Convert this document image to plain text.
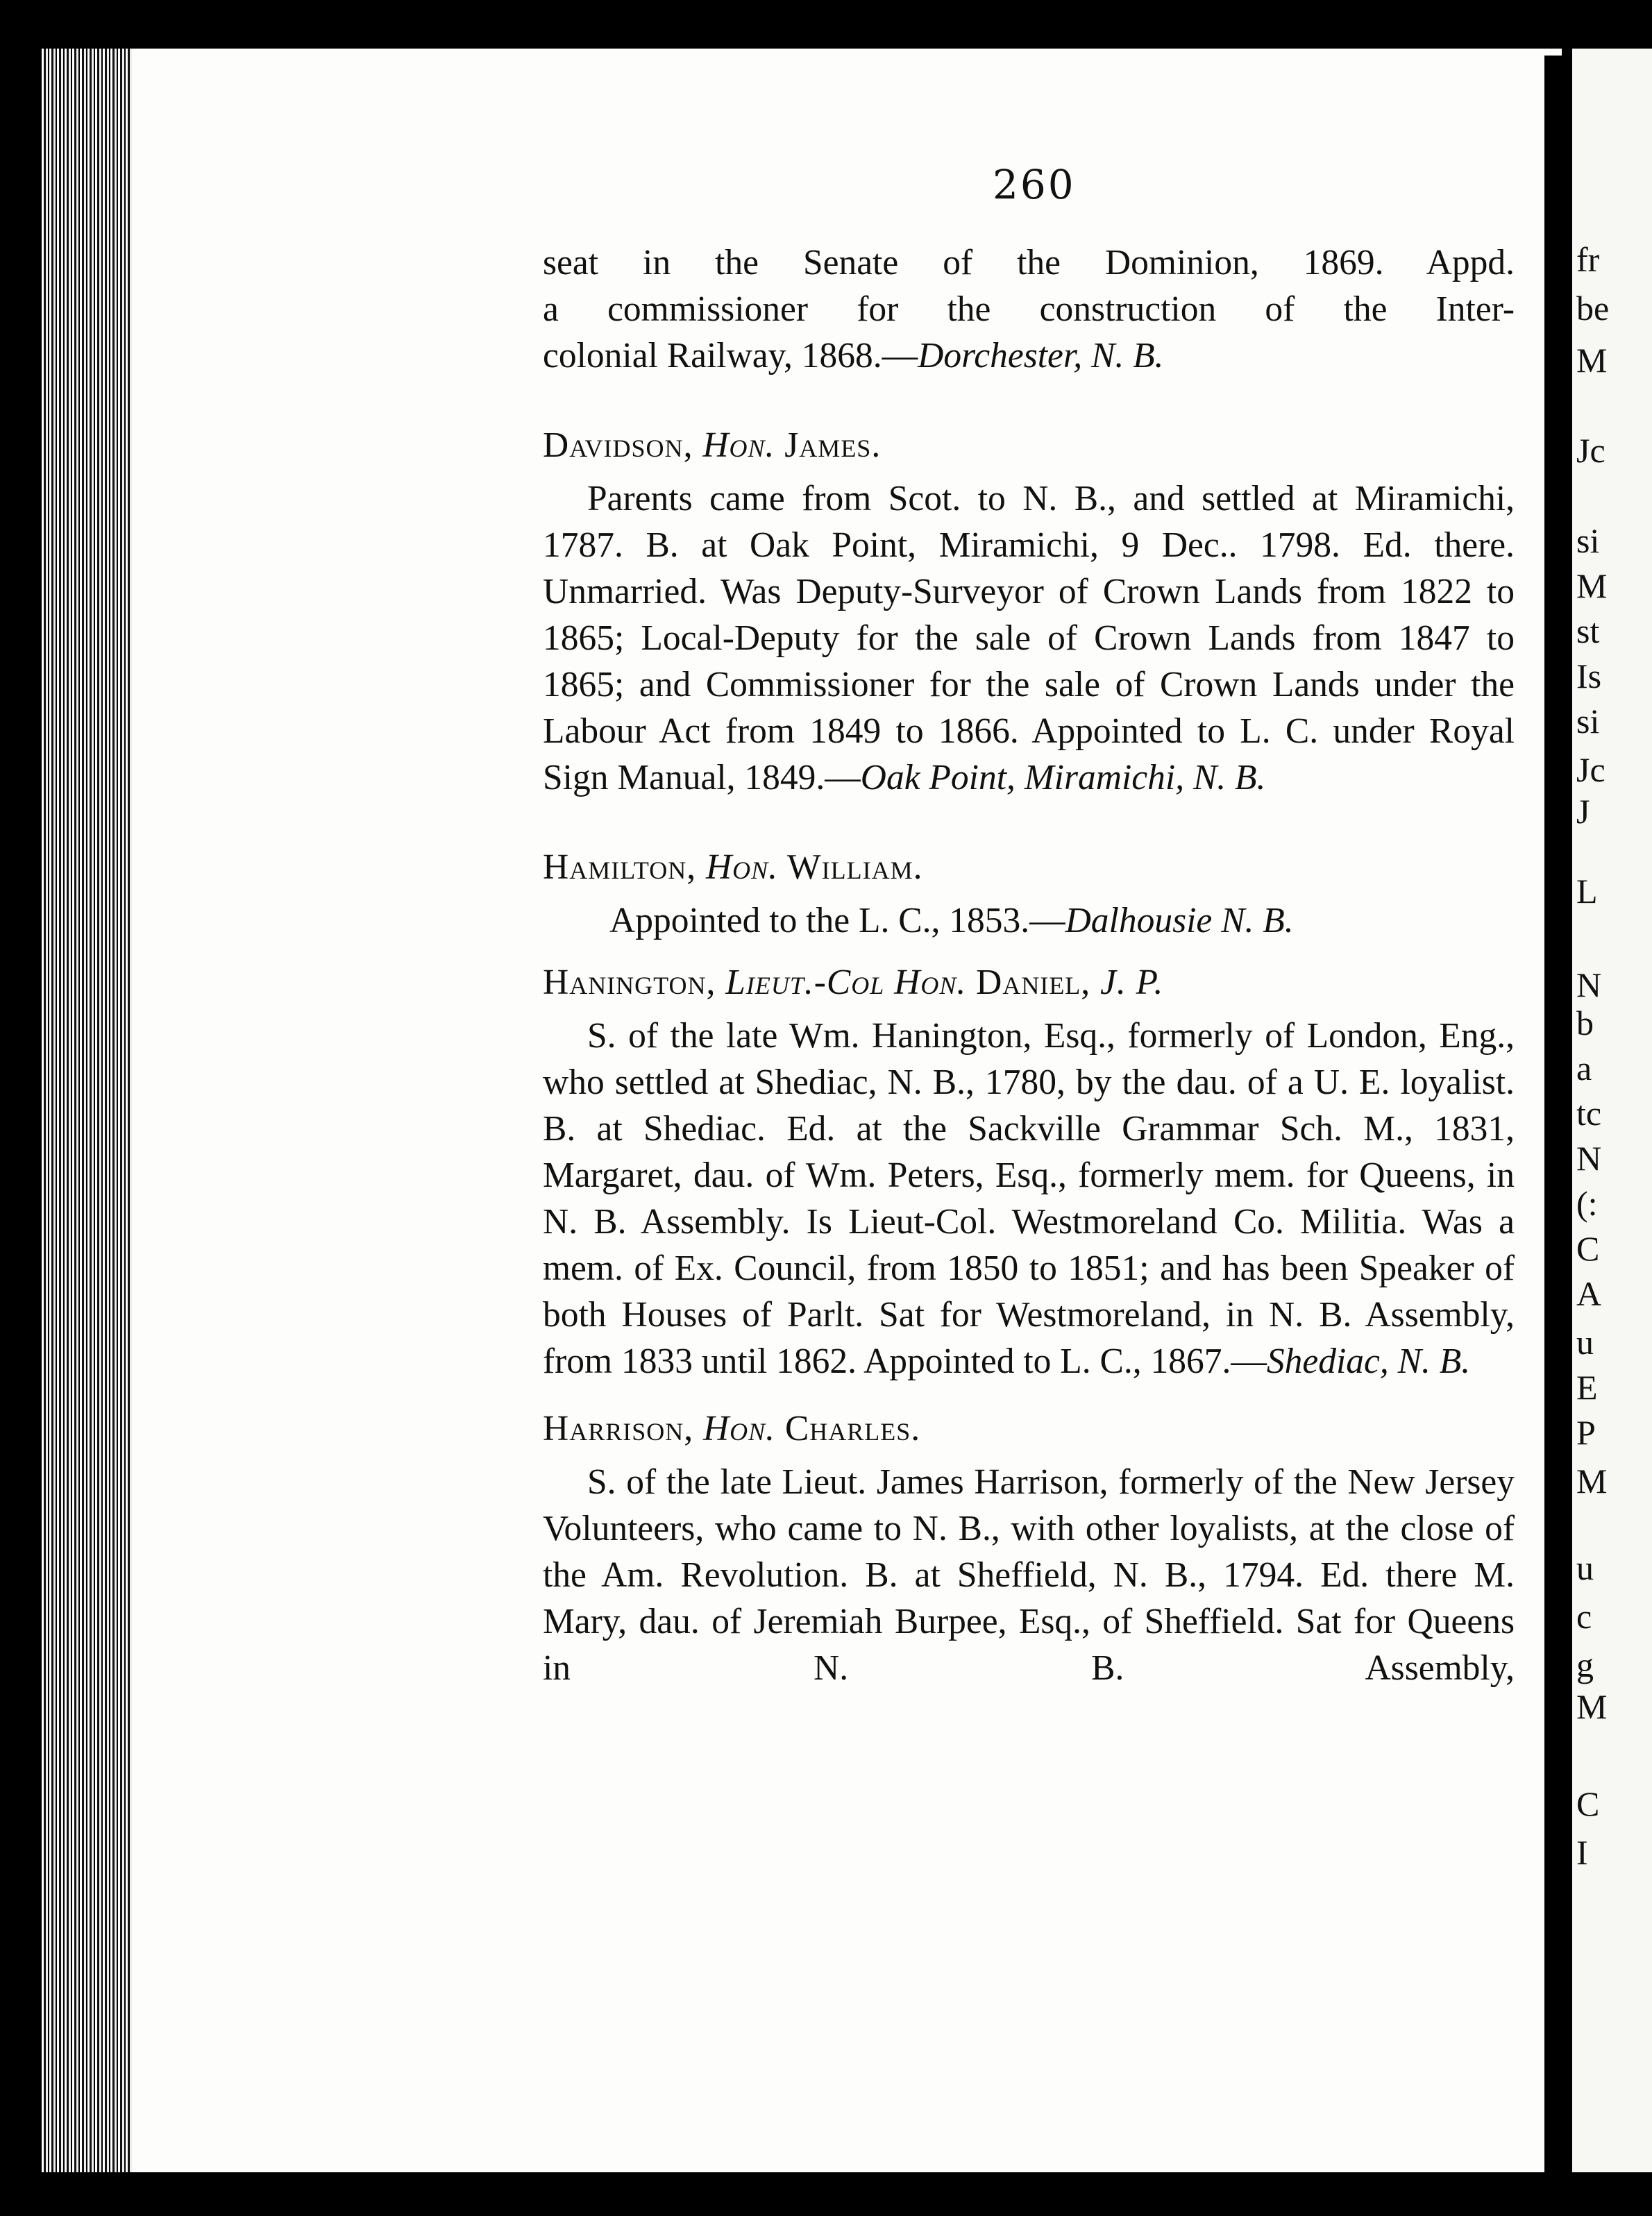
fr
be
M
Jc
si
M
st
Is
si
Jc
J
L
N
b
a
tc
N
(:
C
A
u
E
P
M
u
c
g
M
C
I
260

seat in the Senate of the Dominion, 1869. Appd.

a commissioner for the construction of the Inter-

colonial Railway, 1868.—Dorchester, N. B.

Davidson, Hon. James.

Parents came from Scot. to N. B., and settled at Miramichi, 1787. B. at Oak Point, Miramichi, 9 Dec.. 1798. Ed. there. Unmarried. Was Deputy-Surveyor of Crown Lands from 1822 to 1865; Local-Deputy for the sale of Crown Lands from 1847 to 1865; and Commissioner for the sale of Crown Lands under the Labour Act from 1849 to 1866. Appointed to L. C. under Royal Sign Manual, 1849.—Oak Point, Miramichi, N. B.

Hamilton, Hon. William.

Appointed to the L. C., 1853.—Dalhousie N. B.

Hanington, Lieut.-Col Hon. Daniel, J. P.

S. of the late Wm. Hanington, Esq., formerly of London, Eng., who settled at Shediac, N. B., 1780, by the dau. of a U. E. loyalist. B. at Shediac. Ed. at the Sackville Grammar Sch. M., 1831, Margaret, dau. of Wm. Peters, Esq., formerly mem. for Queens, in N. B. Assembly. Is Lieut-Col. Westmoreland Co. Militia. Was a mem. of Ex. Council, from 1850 to 1851; and has been Speaker of both Houses of Parlt. Sat for Westmoreland, in N. B. Assembly, from 1833 until 1862. Appointed to L. C., 1867.—Shediac, N. B.

Harrison, Hon. Charles.

S. of the late Lieut. James Harrison, formerly of the New Jersey Volunteers, who came to N. B., with other loyalists, at the close of the Am. Revolution. B. at Sheffield, N. B., 1794. Ed. there M. Mary, dau. of Jeremiah Burpee, Esq., of Sheffield. Sat for Queens in N. B. Assembly,
